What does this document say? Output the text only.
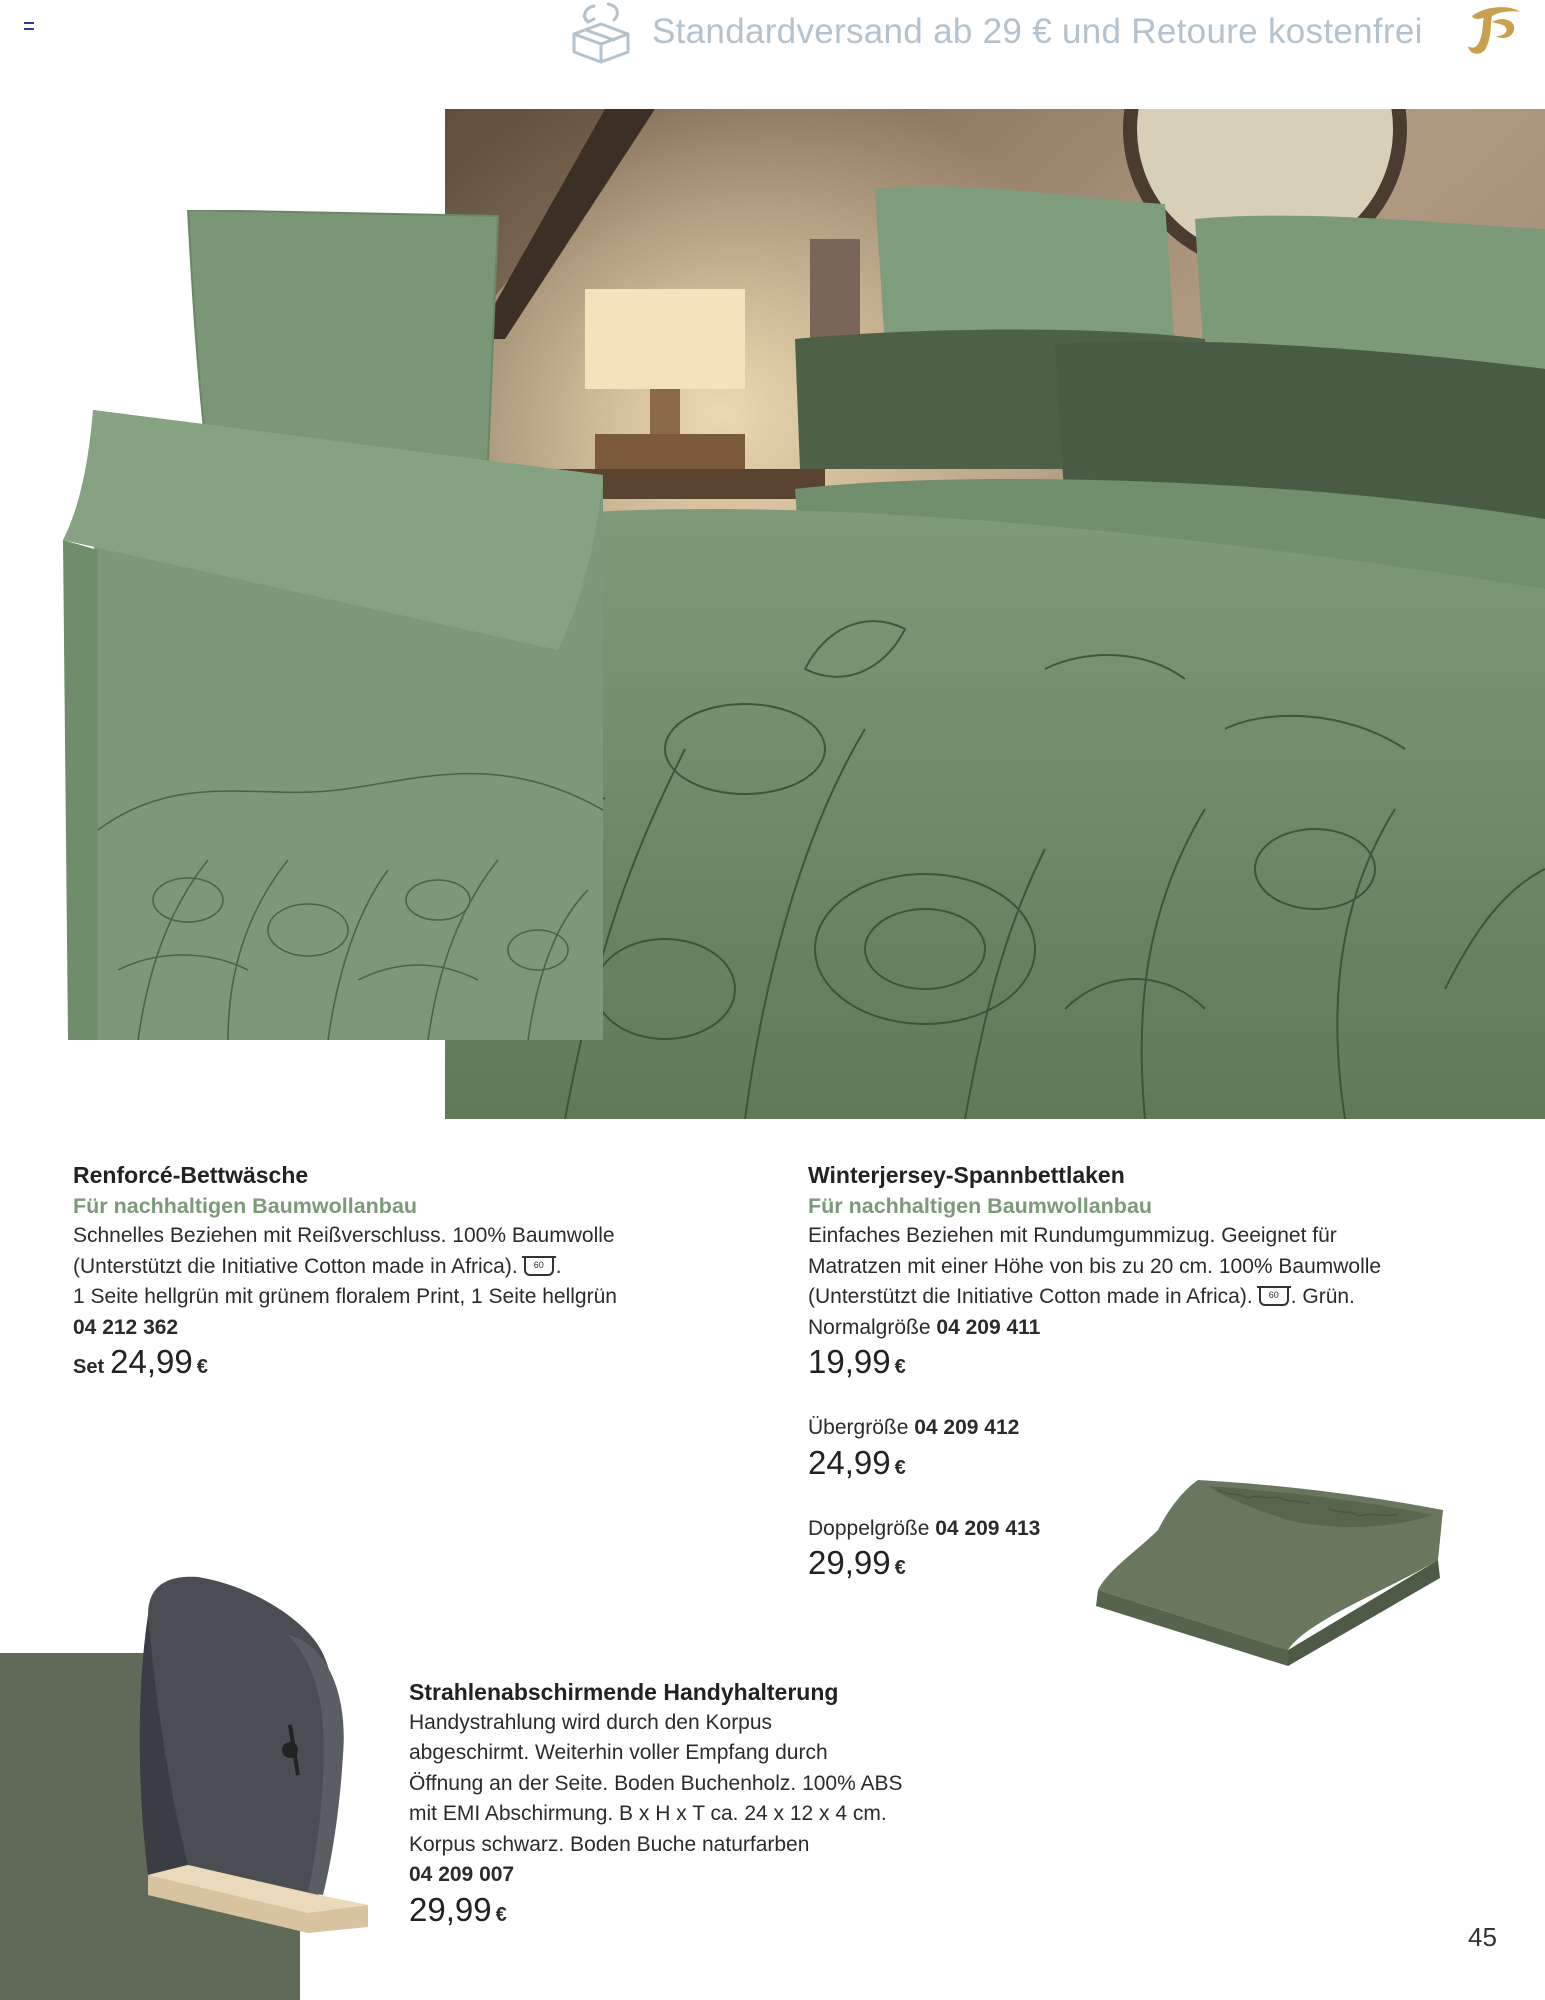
Standardversand ab 29 € und Retoure kostenfrei
Renforcé-Bettwäsche
Für nachhaltigen Baumwollanbau
Schnelles Beziehen mit Reißverschluss. 100% Baumwolle
(Unterstützt die Initiative Cotton made in Africa). 60 .
1 Seite hellgrün mit grünem floralem Print, 1 Seite hellgrün
04 212 362
Set 24,99 €
Winterjersey-Spannbettlaken
Für nachhaltigen Baumwollanbau
Einfaches Beziehen mit Rundumgummizug. Geeignet für
Matratzen mit einer Höhe von bis zu 20 cm. 100% Baumwolle
(Unterstützt die Initiative Cotton made in Africa). 60 . Grün.
Normalgröße 04 209 411
19,99 €
Übergröße 04 209 412
24,99 €
Doppelgröße 04 209 413
29,99 €
Strahlenabschirmende Handyhalterung
Handystrahlung wird durch den Korpus
abgeschirmt. Weiterhin voller Empfang durch
Öffnung an der Seite. Boden Buchenholz. 100% ABS
mit EMI Abschirmung. B x H x T ca. 24 x 12 x 4 cm.
Korpus schwarz. Boden Buche naturfarben
04 209 007
29,99 €
45
